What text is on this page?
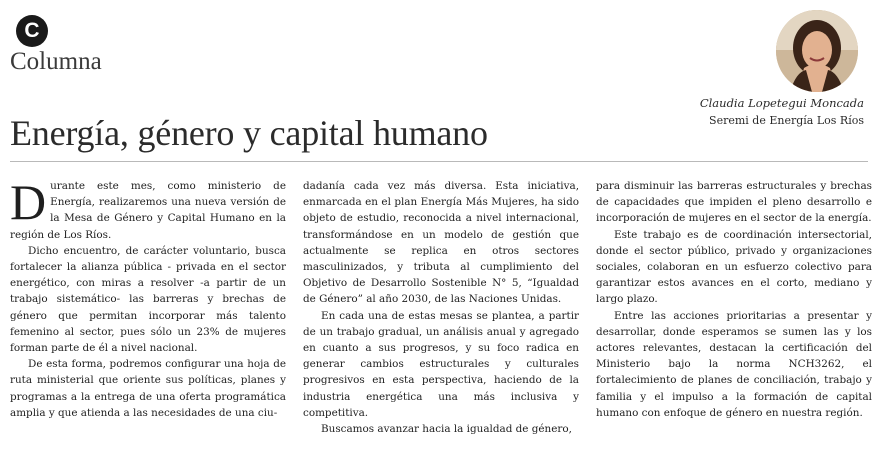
C
Columna
Claudia Lopetegui Moncada
Seremi de Energía Los Ríos
Energía, género y capital humano

Durante este mes, como ministerio de Energía, realizaremos una nueva versión de la Mesa de Género y Capital Humano en la región de Los Ríos.

Dicho encuentro, de carácter voluntario, busca fortalecer la alianza pública - privada en el sector energético, con miras a resolver -a partir de un trabajo sistemático- las barreras y brechas de género que permitan incorporar más talento femenino al sector, pues sólo un 23% de mujeres forman parte de él a nivel nacional.

De esta forma, podremos configurar una hoja de ruta ministerial que oriente sus políticas, planes y programas a la entrega de una oferta programática amplia y que atienda a las necesidades de una ciu-

dadanía cada vez más diversa. Esta iniciativa, enmarcada en el plan Energía Más Mujeres, ha sido objeto de estudio, reconocida a nivel internacional, transformándose en un modelo de gestión que actualmente se replica en otros sectores masculinizados, y tributa al cumplimiento del Objetivo de Desarrollo Sostenible N° 5, “Igualdad de Género” al año 2030, de las Naciones Unidas.

En cada una de estas mesas se plantea, a partir de un trabajo gradual, un análisis anual y agregado en cuanto a sus progresos, y su foco radica en generar cambios estructurales y culturales progresivos en esta perspectiva, haciendo de la industria energética una más inclusiva y competitiva.

Buscamos avanzar hacia la igualdad de género,

para disminuir las barreras estructurales y brechas de capacidades que impiden el pleno desarrollo e incorporación de mujeres en el sector de la energía.

Este trabajo es de coordinación intersectorial, donde el sector público, privado y organizaciones sociales, colaboran en un esfuerzo colectivo para garantizar estos avances en el corto, mediano y largo plazo.

Entre las acciones prioritarias a presentar y desarrollar, donde esperamos se sumen las y los actores relevantes, destacan la certificación del Ministerio bajo la norma NCH3262, el fortalecimiento de planes de conciliación, trabajo y familia y el impulso a la formación de capital humano con enfoque de género en nuestra región.
